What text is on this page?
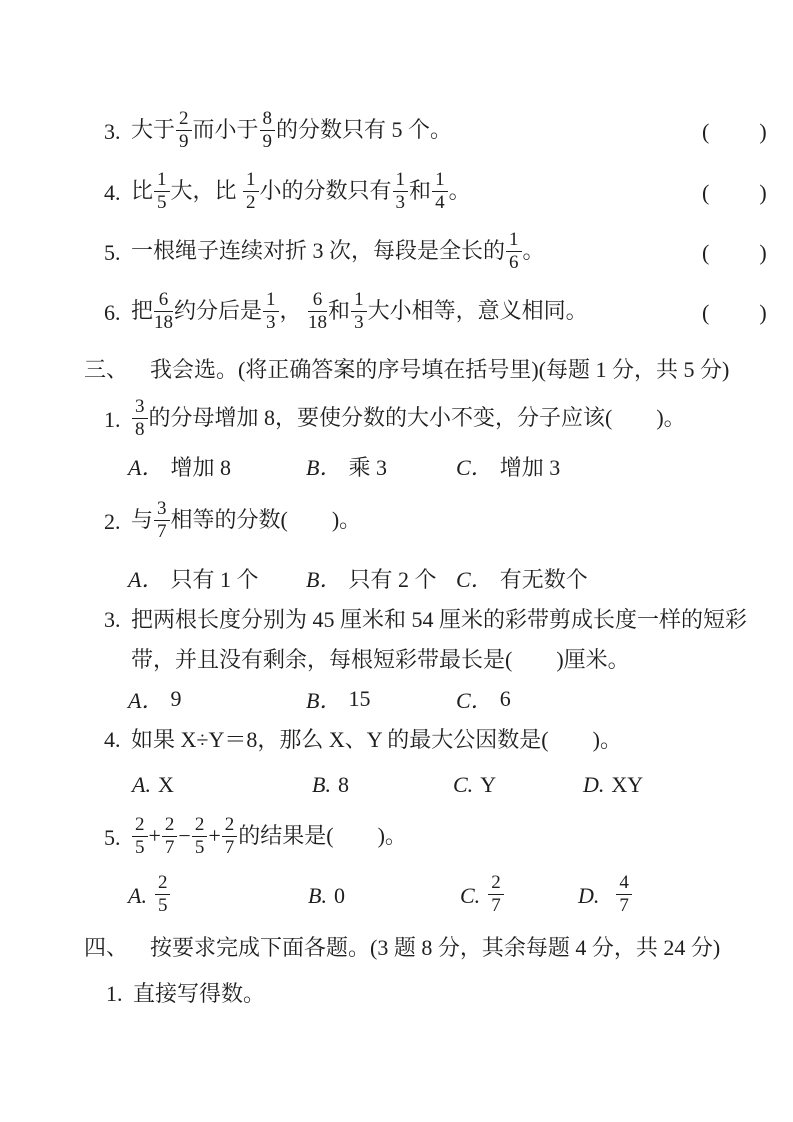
3. 大于 $\frac{2}{9}$ 而小于 $\frac{8}{9}$ 的分数只有 5 个。	(  )
4. 比 $\frac{1}{5}$ 大，比 $\frac{1}{2}$ 小的分数只有 $\frac{1}{3}$ 和 $\frac{1}{4}$ 。	(  )
5. 一根绳子连续对折 3 次，每段是全长的 $\frac{1}{6}$ 。	(  )
6. 把 $\frac{6}{18}$ 约分后是 $\frac{1}{3}$ ， $\frac{6}{18}$ 和 $\frac{1}{3}$ 大小相等，意义相同。	(  )
三、 我会选。(将正确答案的序号填在括号里)(每题 1 分，共 5 分)
1. $\frac{3}{8}$ 的分母增加 8，要使分数的大小不变，分子应该(  )。
A． 增加 8	B． 乘 3	C． 增加 3
2. 与 $\frac{3}{7}$ 相等的分数(  )。
A． 只有 1 个 B． 只有 2 个 C． 有无数个
3. 把两根长度分别为 45 厘米和 54 厘米的彩带剪成长度一样的短彩
带，并且没有剩余，每根短彩带最长是(  )厘米。
A． 9	B． 15	C． 6
4. 如果 X÷Y＝8，那么 X、Y 的最大公因数是(  )。
A. X	B. 8	C. Y	D. XY
5. $\frac{2}{5} + \frac{2}{7} - \frac{2}{5} + \frac{2}{7}$ 的结果是(  )。
A. $\frac{2}{5}$	B. 0	C. $\frac{2}{7}$	D. $\frac{4}{7}$
四、 按要求完成下面各题。(3 题 8 分，其余每题 4 分，共 24 分)
1. 直接写得数。
